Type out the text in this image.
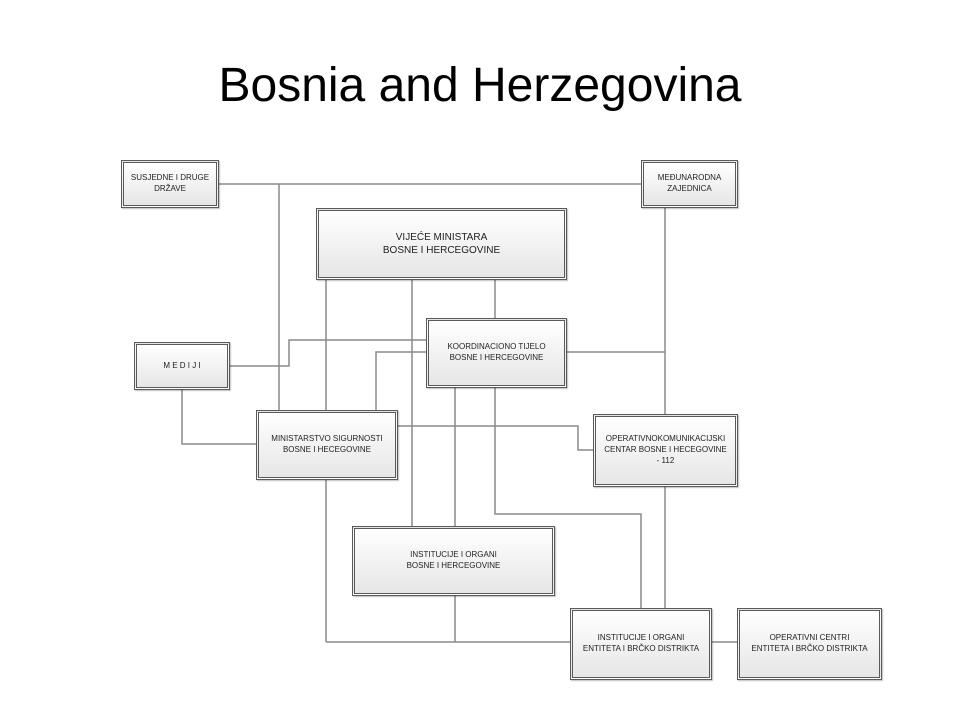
Bosnia and Herzegovina
SUSJEDNE I DRUGE
DRŽAVE
MEĐUNARODNA
ZAJEDNICA
VIJEĆE MINISTARA
BOSNE I HERCEGOVINE
M E D I J I
KOORDINACIONO TIJELO
BOSNE I HERCEGOVINE
MINISTARSTVO SIGURNOSTI
BOSNE I HECEGOVINE
OPERATIVNOKOMUNIKACIJSKI
CENTAR BOSNE I HECEGOVINE
- 112
INSTITUCIJE I ORGANI
BOSNE I HERCEGOVINE
INSTITUCIJE I ORGANI
ENTITETA I BRČKO DISTRIKTA
OPERATIVNI CENTRI
ENTITETA I BRČKO DISTRIKTA
